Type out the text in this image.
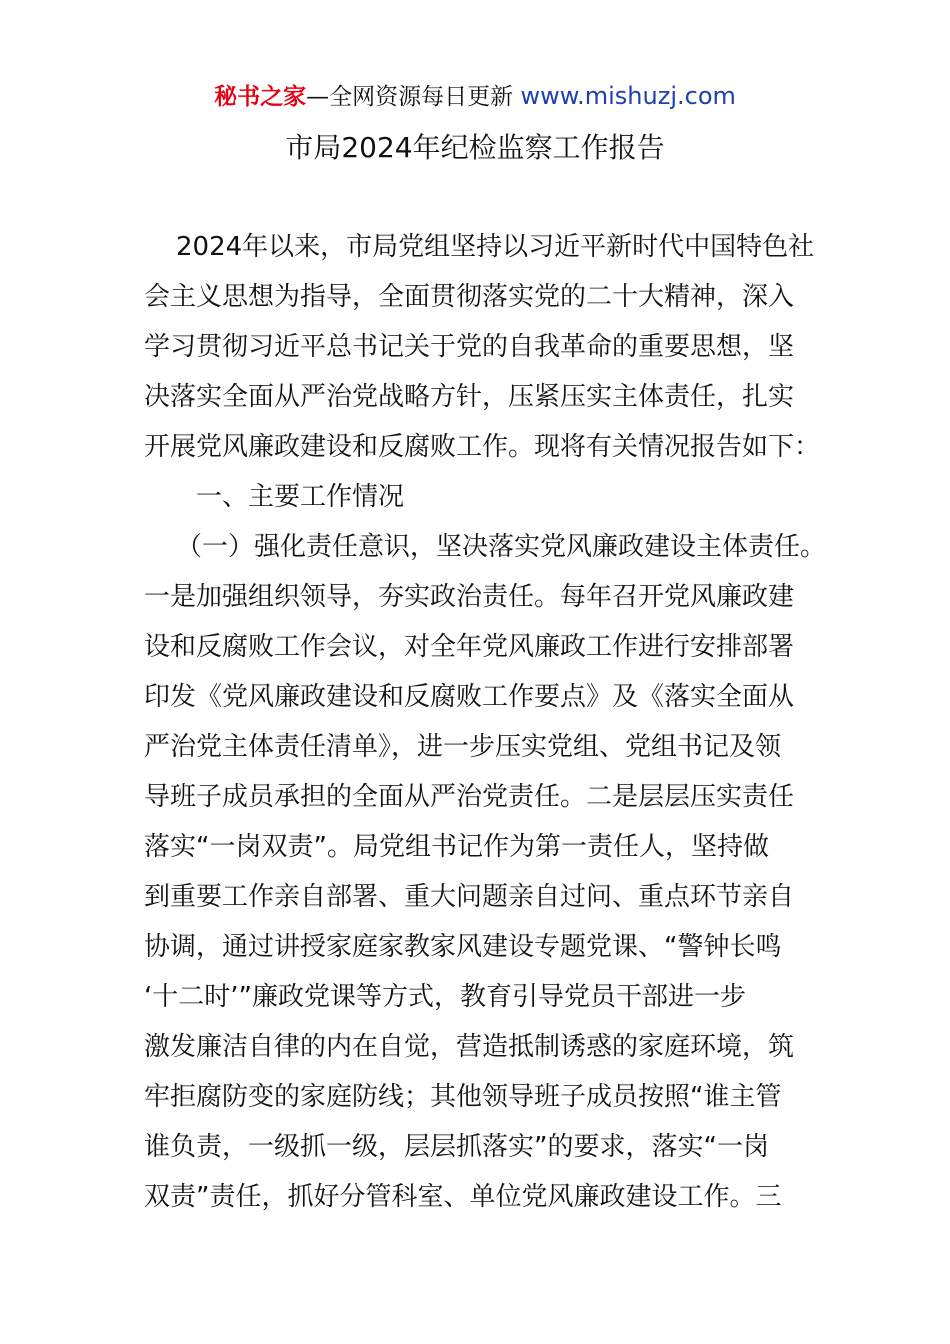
秘书之家—全网资源每日更新 www.mishuzj.com
市局2024年纪检监察工作报告
2024年以来，市局党组坚持以习近平新时代中国特色社
会主义思想为指导，全面贯彻落实党的二十大精神，深入
学习贯彻习近平总书记关于党的自我革命的重要思想，坚
决落实全面从严治党战略方针，压紧压实主体责任，扎实
开展党风廉政建设和反腐败工作。现将有关情况报告如下：
一、主要工作情况
（一）强化责任意识，坚决落实党风廉政建设主体责任。
一是加强组织领导，夯实政治责任。每年召开党风廉政建
设和反腐败工作会议，对全年党风廉政工作进行安排部署
印发《党风廉政建设和反腐败工作要点》及《落实全面从
严治党主体责任清单》，进一步压实党组、党组书记及领
导班子成员承担的全面从严治党责任。二是层层压实责任
落实“一岗双责”。局党组书记作为第一责任人，坚持做
到重要工作亲自部署、重大问题亲自过问、重点环节亲自
协调，通过讲授家庭家教家风建设专题党课、“警钟长鸣
‘十二时’”廉政党课等方式，教育引导党员干部进一步
激发廉洁自律的内在自觉，营造抵制诱惑的家庭环境，筑
牢拒腐防变的家庭防线；其他领导班子成员按照“谁主管
谁负责，一级抓一级，层层抓落实”的要求，落实“一岗
双责”责任，抓好分管科室、单位党风廉政建设工作。三
